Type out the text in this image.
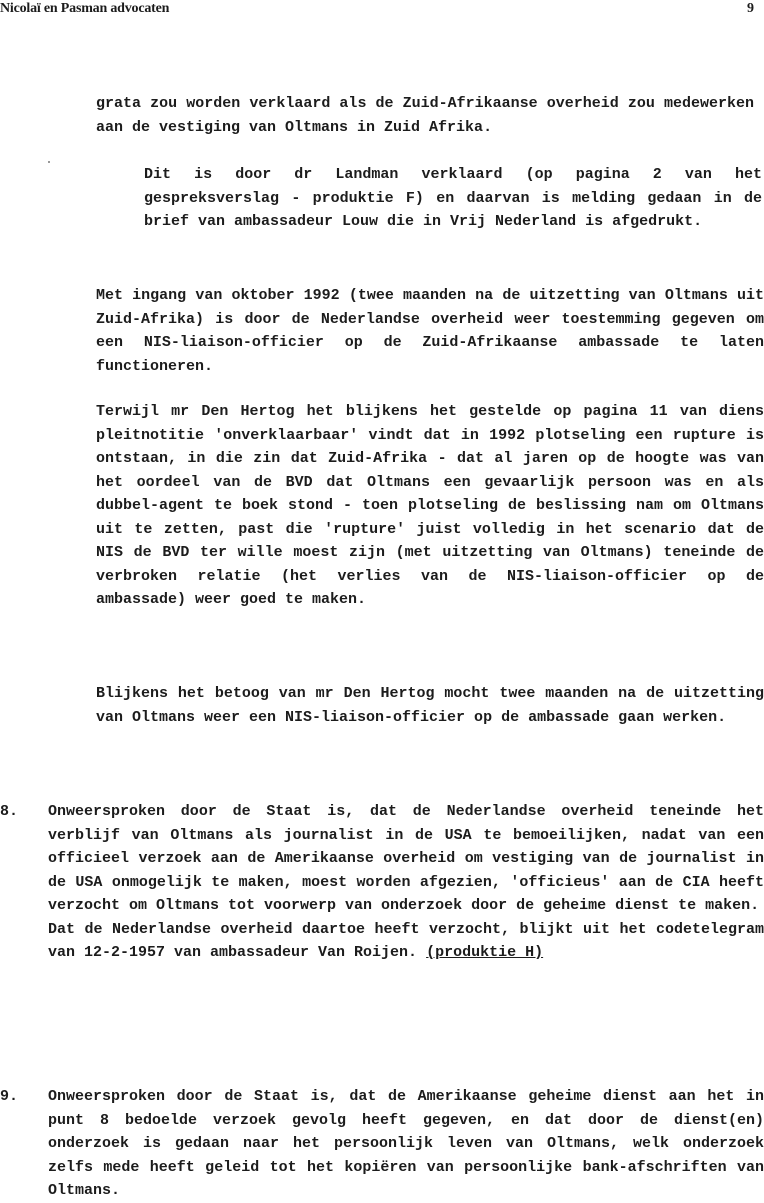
Nicolaï en Pasman advocaten	9

grata zou worden verklaard als de Zuid-Afrikaanse overheid zou medewerken aan de vestiging van Oltmans in Zuid Afrika.

Dit is door dr Landman verklaard (op pagina 2 van het gespreksverslag - produktie F) en daarvan is melding gedaan in de brief van ambassadeur Louw die in Vrij Nederland is afgedrukt.

Met ingang van oktober 1992 (twee maanden na de uitzetting van Oltmans uit Zuid-Afrika) is door de Nederlandse overheid weer toestemming gegeven om een NIS-liaison-officier op de Zuid-Afrikaanse ambassade te laten functioneren.

Terwijl mr Den Hertog het blijkens het gestelde op pagina 11 van diens pleitnotitie 'onverklaarbaar' vindt dat in 1992 plotseling een rupture is ontstaan, in die zin dat Zuid-Afrika - dat al jaren op de hoogte was van het oordeel van de BVD dat Oltmans een gevaarlijk persoon was en als dubbel-agent te boek stond - toen plotseling de beslissing nam om Oltmans uit te zetten, past die 'rupture' juist volledig in het scenario dat de NIS de BVD ter wille moest zijn (met uitzetting van Oltmans) teneinde de verbroken relatie (het verlies van de NIS-liaison-officier op de ambassade) weer goed te maken.

Blijkens het betoog van mr Den Hertog mocht twee maanden na de uitzetting van Oltmans weer een NIS-liaison-officier op de ambassade gaan werken.

8. Onweersproken door de Staat is, dat de Nederlandse overheid teneinde het verblijf van Oltmans als journalist in de USA te bemoeilijken, nadat van een officieel verzoek aan de Amerikaanse overheid om vestiging van de journalist in de USA onmogelijk te maken, moest worden afgezien, 'officieus' aan de CIA heeft verzocht om Oltmans tot voorwerp van onderzoek door de geheime dienst te maken.
Dat de Nederlandse overheid daartoe heeft verzocht, blijkt uit het codetelegram van 12-2-1957 van ambassadeur Van Roijen. (produktie H)
9. Onweersproken door de Staat is, dat de Amerikaanse geheime dienst aan het in punt 8 bedoelde verzoek gevolg heeft gegeven, en dat door de dienst(en) onderzoek is gedaan naar het persoonlijk leven van Oltmans, welk onderzoek zelfs mede heeft geleid tot het kopiëren van persoonlijke bank-afschriften van Oltmans.
